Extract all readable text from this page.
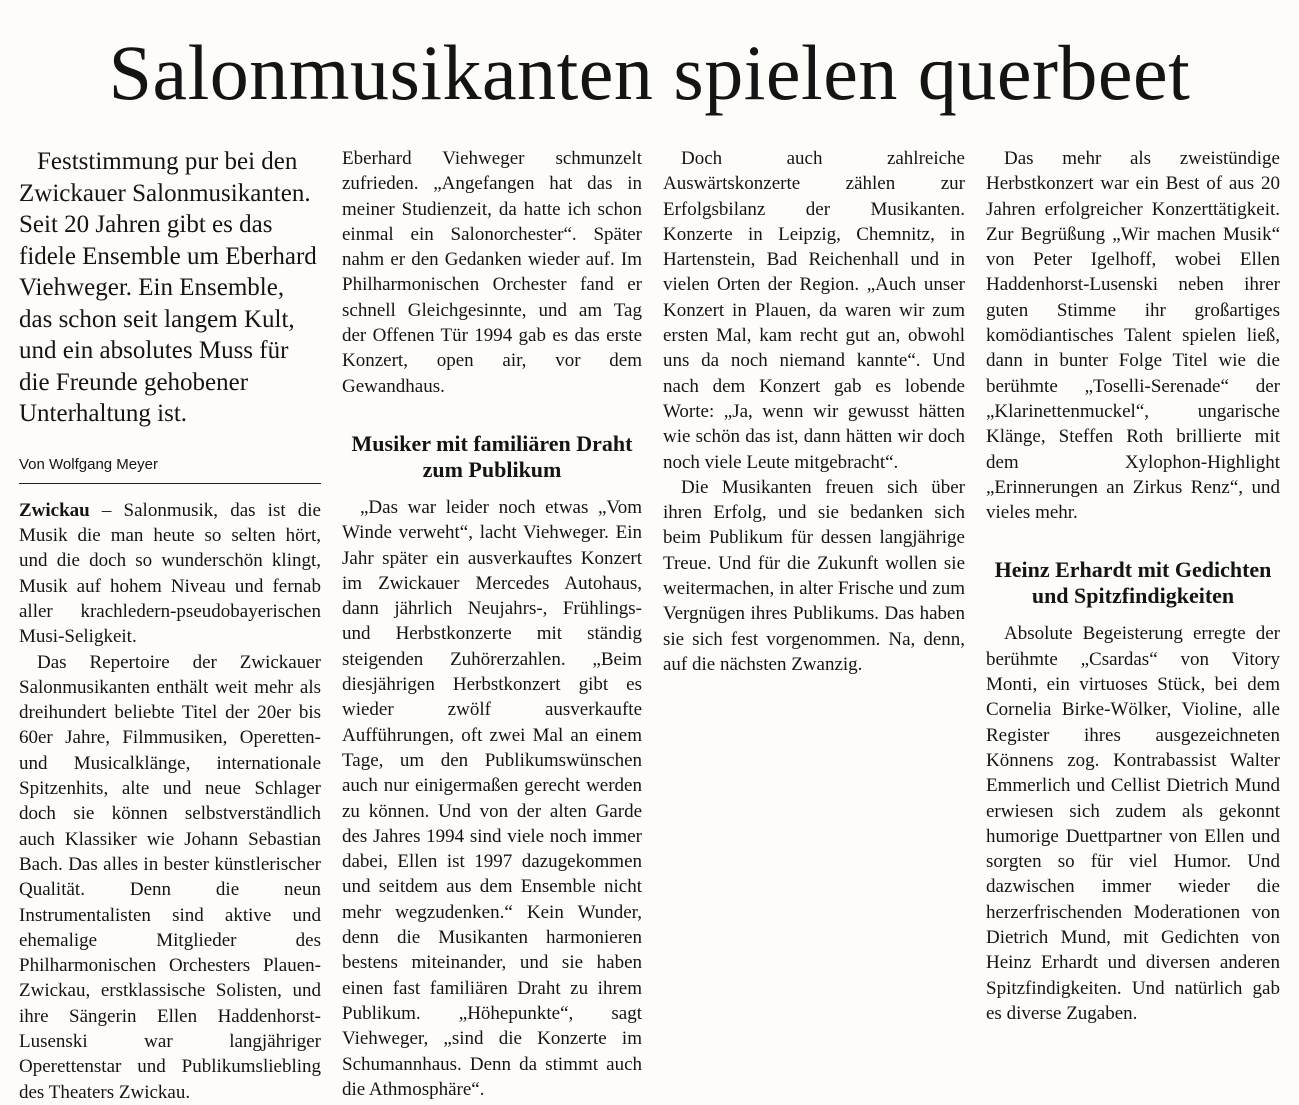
Salonmusikanten spielen querbeet

Feststimmung pur bei den Zwickauer Salonmusikanten. Seit 20 Jahren gibt es das fidele Ensemble um Eberhard Viehweger. Ein Ensemble, das schon seit langem Kult, und ein absolutes Muss für die Freunde gehobener Unterhaltung ist.

Von Wolfgang Meyer

Zwickau – Salonmusik, das ist die Musik die man heute so selten hört, und die doch so wunderschön klingt, Musik auf hohem Niveau und fernab aller krachledern-pseudobayerischen Musi-Seligkeit.

Das Repertoire der Zwickauer Salonmusikanten enthält weit mehr als dreihundert beliebte Titel der 20er bis 60er Jahre, Filmmusiken, Operetten- und Musicalklänge, internationale Spitzenhits, alte und neue Schlager doch sie können selbstverständlich auch Klassiker wie Johann Sebastian Bach. Das alles in bester künstlerischer Qualität. Denn die neun Instrumentalisten sind aktive und ehemalige Mitglieder des Philharmonischen Orchesters Plauen-Zwickau, erstklassische Solisten, und ihre Sängerin Ellen Haddenhorst-Lusenski war langjähriger Operettenstar und Publikumsliebling des Theaters Zwickau.

Eberhard Viehweger schmunzelt zufrieden. „Angefangen hat das in meiner Studienzeit, da hatte ich schon einmal ein Salonorchester“. Später nahm er den Gedanken wieder auf. Im Philharmonischen Orchester fand er schnell Gleichgesinnte, und am Tag der Offenen Tür 1994 gab es das erste Konzert, open air, vor dem Gewandhaus.

Musiker mit familiären Draht zum Publikum

„Das war leider noch etwas „Vom Winde verweht“, lacht Viehweger. Ein Jahr später ein ausverkauftes Konzert im Zwickauer Mercedes Autohaus, dann jährlich Neujahrs-, Frühlings- und Herbstkonzerte mit ständig steigenden Zuhörerzahlen. „Beim diesjährigen Herbstkonzert gibt es wieder zwölf ausverkaufte Aufführungen, oft zwei Mal an einem Tage, um den Publikumswünschen auch nur einigermaßen gerecht werden zu können. Und von der alten Garde des Jahres 1994 sind viele noch immer dabei, Ellen ist 1997 dazugekommen und seitdem aus dem Ensemble nicht mehr wegzudenken.“ Kein Wunder, denn die Musikanten harmonieren bestens miteinander, und sie haben einen fast familiären Draht zu ihrem Publikum. „Höhepunkte“, sagt Viehweger, „sind die Konzerte im Schumannhaus. Denn da stimmt auch die Athmosphäre“.

Doch auch zahlreiche Auswärtskonzerte zählen zur Erfolgsbilanz der Musikanten. Konzerte in Leipzig, Chemnitz, in Hartenstein, Bad Reichenhall und in vielen Orten der Region. „Auch unser Konzert in Plauen, da waren wir zum ersten Mal, kam recht gut an, obwohl uns da noch niemand kannte“. Und nach dem Konzert gab es lobende Worte: „Ja, wenn wir gewusst hätten wie schön das ist, dann hätten wir doch noch viele Leute mitgebracht“.

Die Musikanten freuen sich über ihren Erfolg, und sie bedanken sich beim Publikum für dessen langjährige Treue. Und für die Zukunft wollen sie weitermachen, in alter Frische und zum Vergnügen ihres Publikums. Das haben sie sich fest vorgenommen. Na, denn, auf die nächsten Zwanzig.

Das mehr als zweistündige Herbstkonzert war ein Best of aus 20 Jahren erfolgreicher Konzerttätigkeit. Zur Begrüßung „Wir machen Musik“ von Peter Igelhoff, wobei Ellen Haddenhorst-Lusenski neben ihrer guten Stimme ihr großartiges komödiantisches Talent spielen ließ, dann in bunter Folge Titel wie die berühmte „Toselli-Serenade“ der „Klarinettenmuckel“, ungarische Klänge, Steffen Roth brillierte mit dem Xylophon-Highlight „Erinnerungen an Zirkus Renz“, und vieles mehr.

Heinz Erhardt mit Gedichten und Spitzfindigkeiten

Absolute Begeisterung erregte der berühmte „Csardas“ von Vitory Monti, ein virtuoses Stück, bei dem Cornelia Birke-Wölker, Violine, alle Register ihres ausgezeichneten Könnens zog. Kontrabassist Walter Emmerlich und Cellist Dietrich Mund erwiesen sich zudem als gekonnt humorige Duettpartner von Ellen und sorgten so für viel Humor. Und dazwischen immer wieder die herzerfrischenden Moderationen von Dietrich Mund, mit Gedichten von Heinz Erhardt und diversen anderen Spitzfindigkeiten. Und natürlich gab es diverse Zugaben.
